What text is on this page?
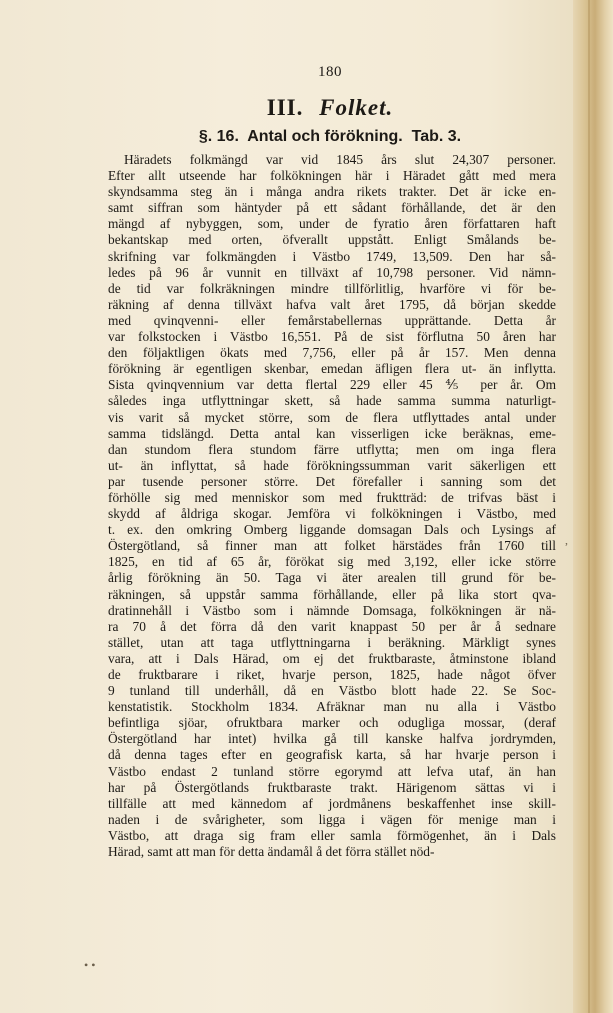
180
III. Folket.
§. 16.  Antal och förökning.  Tab. 3.
Häradets folkmängd var vid 1845 års slut 24,307 personer.
Efter allt utseende har folkökningen här i Häradet gått med mera
skyndsamma steg än i många andra rikets trakter. Det är icke en-
samt siffran som häntyder på ett sådant förhållande, det är den
mängd af nybyggen, som, under de fyratio åren författaren haft
bekantskap med orten, öfverallt uppstått. Enligt Smålands be-
skrifning var folkmängden i Västbo 1749, 13,509. Den har så-
ledes på 96 år vunnit en tillväxt af 10,798 personer. Vid nämn-
de tid var folkräkningen mindre tillförlitlig, hvarföre vi för be-
räkning af denna tillväxt hafva valt året 1795, då början skedde
med qvinqvenni- eller femårstabellernas upprättande. Detta år
var folkstocken i Västbo 16,551. På de sist förflutna 50 åren har
den följaktligen ökats med 7,756, eller på år 157. Men denna
förökning är egentligen skenbar, emedan äfligen flera ut- än inflytta.
Sista qvinqvennium var detta flertal 229 eller 45 ⅘ per år. Om
således inga utflyttningar skett, så hade samma summa naturligt-
vis varit så mycket större, som de flera utflyttades antal under
samma tidslängd. Detta antal kan visserligen icke beräknas, eme-
dan stundom flera stundom färre utflytta; men om inga flera
ut- än inflyttat, så hade förökningssumman varit säkerligen ett
par tusende personer större. Det förefaller i sanning som det
förhölle sig med menniskor som med fruktträd: de trifvas bäst i
skydd af åldriga skogar. Jemföra vi folkökningen i Västbo, med
t. ex. den omkring Omberg liggande domsagan Dals och Lysings af
Östergötland, så finner man att folket härstädes från 1760 till
1825, en tid af 65 år, förökat sig med 3,192, eller icke större
årlig förökning än 50. Taga vi äter arealen till grund för be-
räkningen, så uppstår samma förhållande, eller på lika stort qva-
dratinnehåll i Västbo som i nämnde Domsaga, folkökningen är nä-
ra 70 å det förra då den varit knappast 50 per år å sednare
stället, utan att taga utflyttningarna i beräkning. Märkligt synes
vara, att i Dals Härad, om ej det fruktbaraste, åtminstone ibland
de fruktbarare i riket, hvarje person, 1825, hade något öfver
9 tunland till underhåll, då en Västbo blott hade 22. Se Soc-
kenstatistik. Stockholm 1834. Afräknar man nu alla i Västbo
befintliga sjöar, ofruktbara marker och odugliga mossar, (deraf
Östergötland har intet) hvilka gå till kanske halfva jordrymden,
då denna tages efter en geografisk karta, så har hvarje person i
Västbo endast 2 tunland större egorymd att lefva utaf, än han
har på Östergötlands fruktbaraste trakt. Härigenom sättas vi i
tillfälle att med kännedom af jordmånens beskaffenhet inse skill-
naden i de svårigheter, som ligga i vägen för menige man i
Västbo, att draga sig fram eller samla förmögenhet, än i Dals
Härad, samt att man för detta ändamål å det förra stället nöd-
,
• •
